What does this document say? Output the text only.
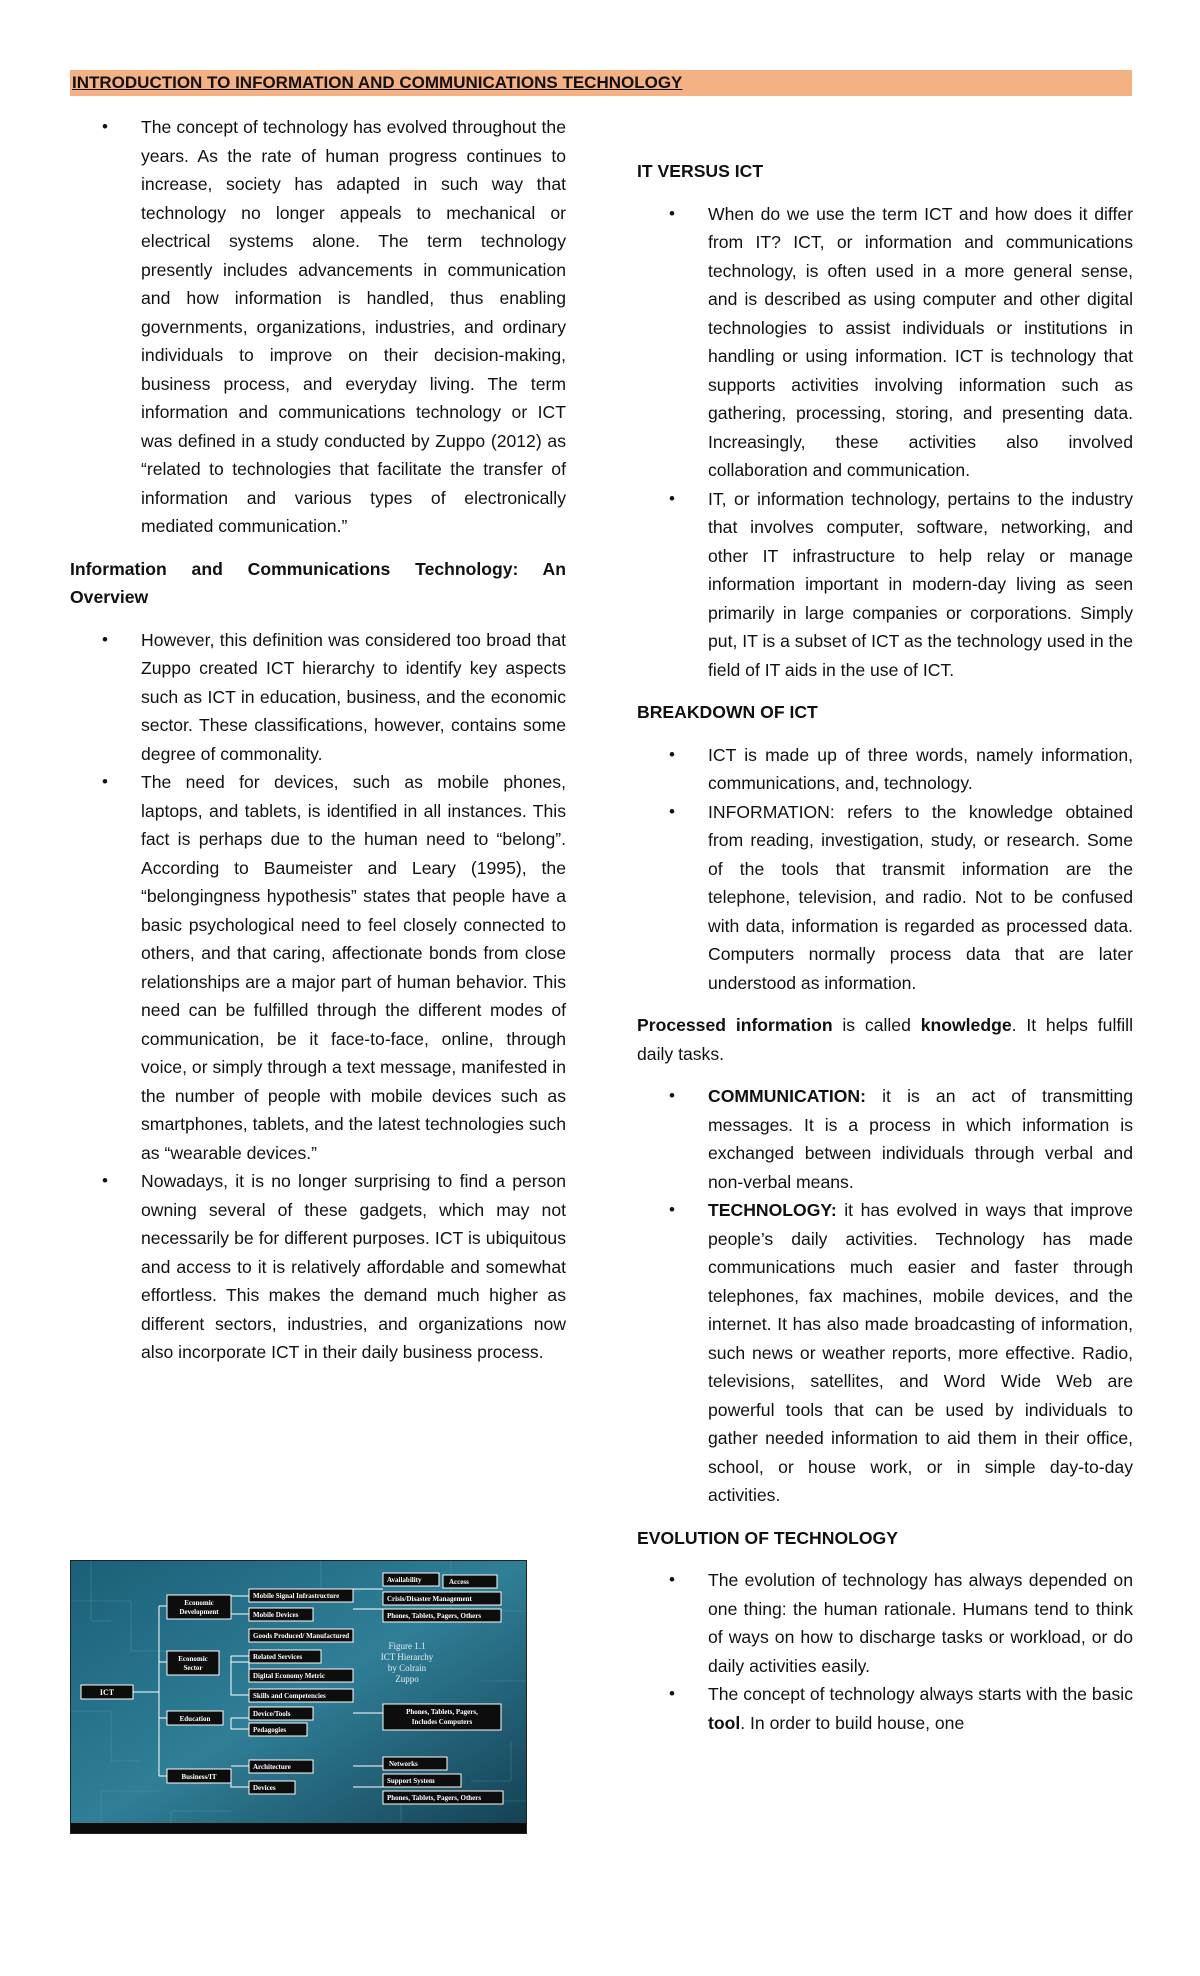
INTRODUCTION TO INFORMATION AND COMMUNICATIONS TECHNOLOGY
• The concept of technology has evolved throughout the years. As the rate of human progress continues to increase, society has adapted in such way that technology no longer appeals to mechanical or electrical systems alone. The term technology presently includes advancements in communication and how information is handled, thus enabling governments, organizations, industries, and ordinary individuals to improve on their decision-making, business process, and everyday living. The term information and communications technology or ICT was defined in a study conducted by Zuppo (2012) as “related to technologies that facilitate the transfer of information and various types of electronically mediated communication.”

Information and Communications Technology: An Overview

• However, this definition was considered too broad that Zuppo created ICT hierarchy to identify key aspects such as ICT in education, business, and the economic sector. These classifications, however, contains some degree of commonality.
• The need for devices, such as mobile phones, laptops, and tablets, is identified in all instances. This fact is perhaps due to the human need to “belong”. According to Baumeister and Leary (1995), the “belongingness hypothesis” states that people have a basic psychological need to feel closely connected to others, and that caring, affectionate bonds from close relationships are a major part of human behavior. This need can be fulfilled through the different modes of communication, be it face-to-face, online, through voice, or simply through a text message, manifested in the number of people with mobile devices such as smartphones, tablets, and the latest technologies such as “wearable devices.”
• Nowadays, it is no longer surprising to find a person owning several of these gadgets, which may not necessarily be for different purposes. ICT is ubiquitous and access to it is relatively affordable and somewhat effortless. This makes the demand much higher as different sectors, industries, and organizations now also incorporate ICT in their daily business process.
ICT
Economic
Development
Economic
Sector
Education
Business/IT
Mobile Signal Infrastructure
Mobile Devices
Goods Produced/ Manufactured
Related Services
Digital Economy Metric
Skills and Competencies
Device/Tools
Pedagogies
Architecture
Devices
Availability	Access
Crisis/Disaster Management
Phones, Tablets, Pagers, Others
Phones, Tablets, Pagers,
Includes Computers
Networks
Support System
Phones, Tablets, Pagers, Others
Figure 1.1
ICT Hierarchy
by Colrain
Zuppo

IT VERSUS ICT

• When do we use the term ICT and how does it differ from IT? ICT, or information and communications technology, is often used in a more general sense, and is described as using computer and other digital technologies to assist individuals or institutions in handling or using information. ICT is technology that supports activities involving information such as gathering, processing, storing, and presenting data. Increasingly, these activities also involved collaboration and communication.
• IT, or information technology, pertains to the industry that involves computer, software, networking, and other IT infrastructure to help relay or manage information important in modern-day living as seen primarily in large companies or corporations. Simply put, IT is a subset of ICT as the technology used in the field of IT aids in the use of ICT.

BREAKDOWN OF ICT

• ICT is made up of three words, namely information, communications, and, technology.
• INFORMATION: refers to the knowledge obtained from reading, investigation, study, or research. Some of the tools that transmit information are the telephone, television, and radio. Not to be confused with data, information is regarded as processed data. Computers normally process data that are later understood as information.

Processed information is called knowledge. It helps fulfill daily tasks.

• COMMUNICATION: it is an act of transmitting messages. It is a process in which information is exchanged between individuals through verbal and non-verbal means.
• TECHNOLOGY: it has evolved in ways that improve people’s daily activities. Technology has made communications much easier and faster through telephones, fax machines, mobile devices, and the internet. It has also made broadcasting of information, such news or weather reports, more effective. Radio, televisions, satellites, and Word Wide Web are powerful tools that can be used by individuals to gather needed information to aid them in their office, school, or house work, or in simple day-to-day activities.

EVOLUTION OF TECHNOLOGY

• The evolution of technology has always depended on one thing: the human rationale. Humans tend to think of ways on how to discharge tasks or workload, or do daily activities easily.
• The concept of technology always starts with the basic tool. In order to build house, one
